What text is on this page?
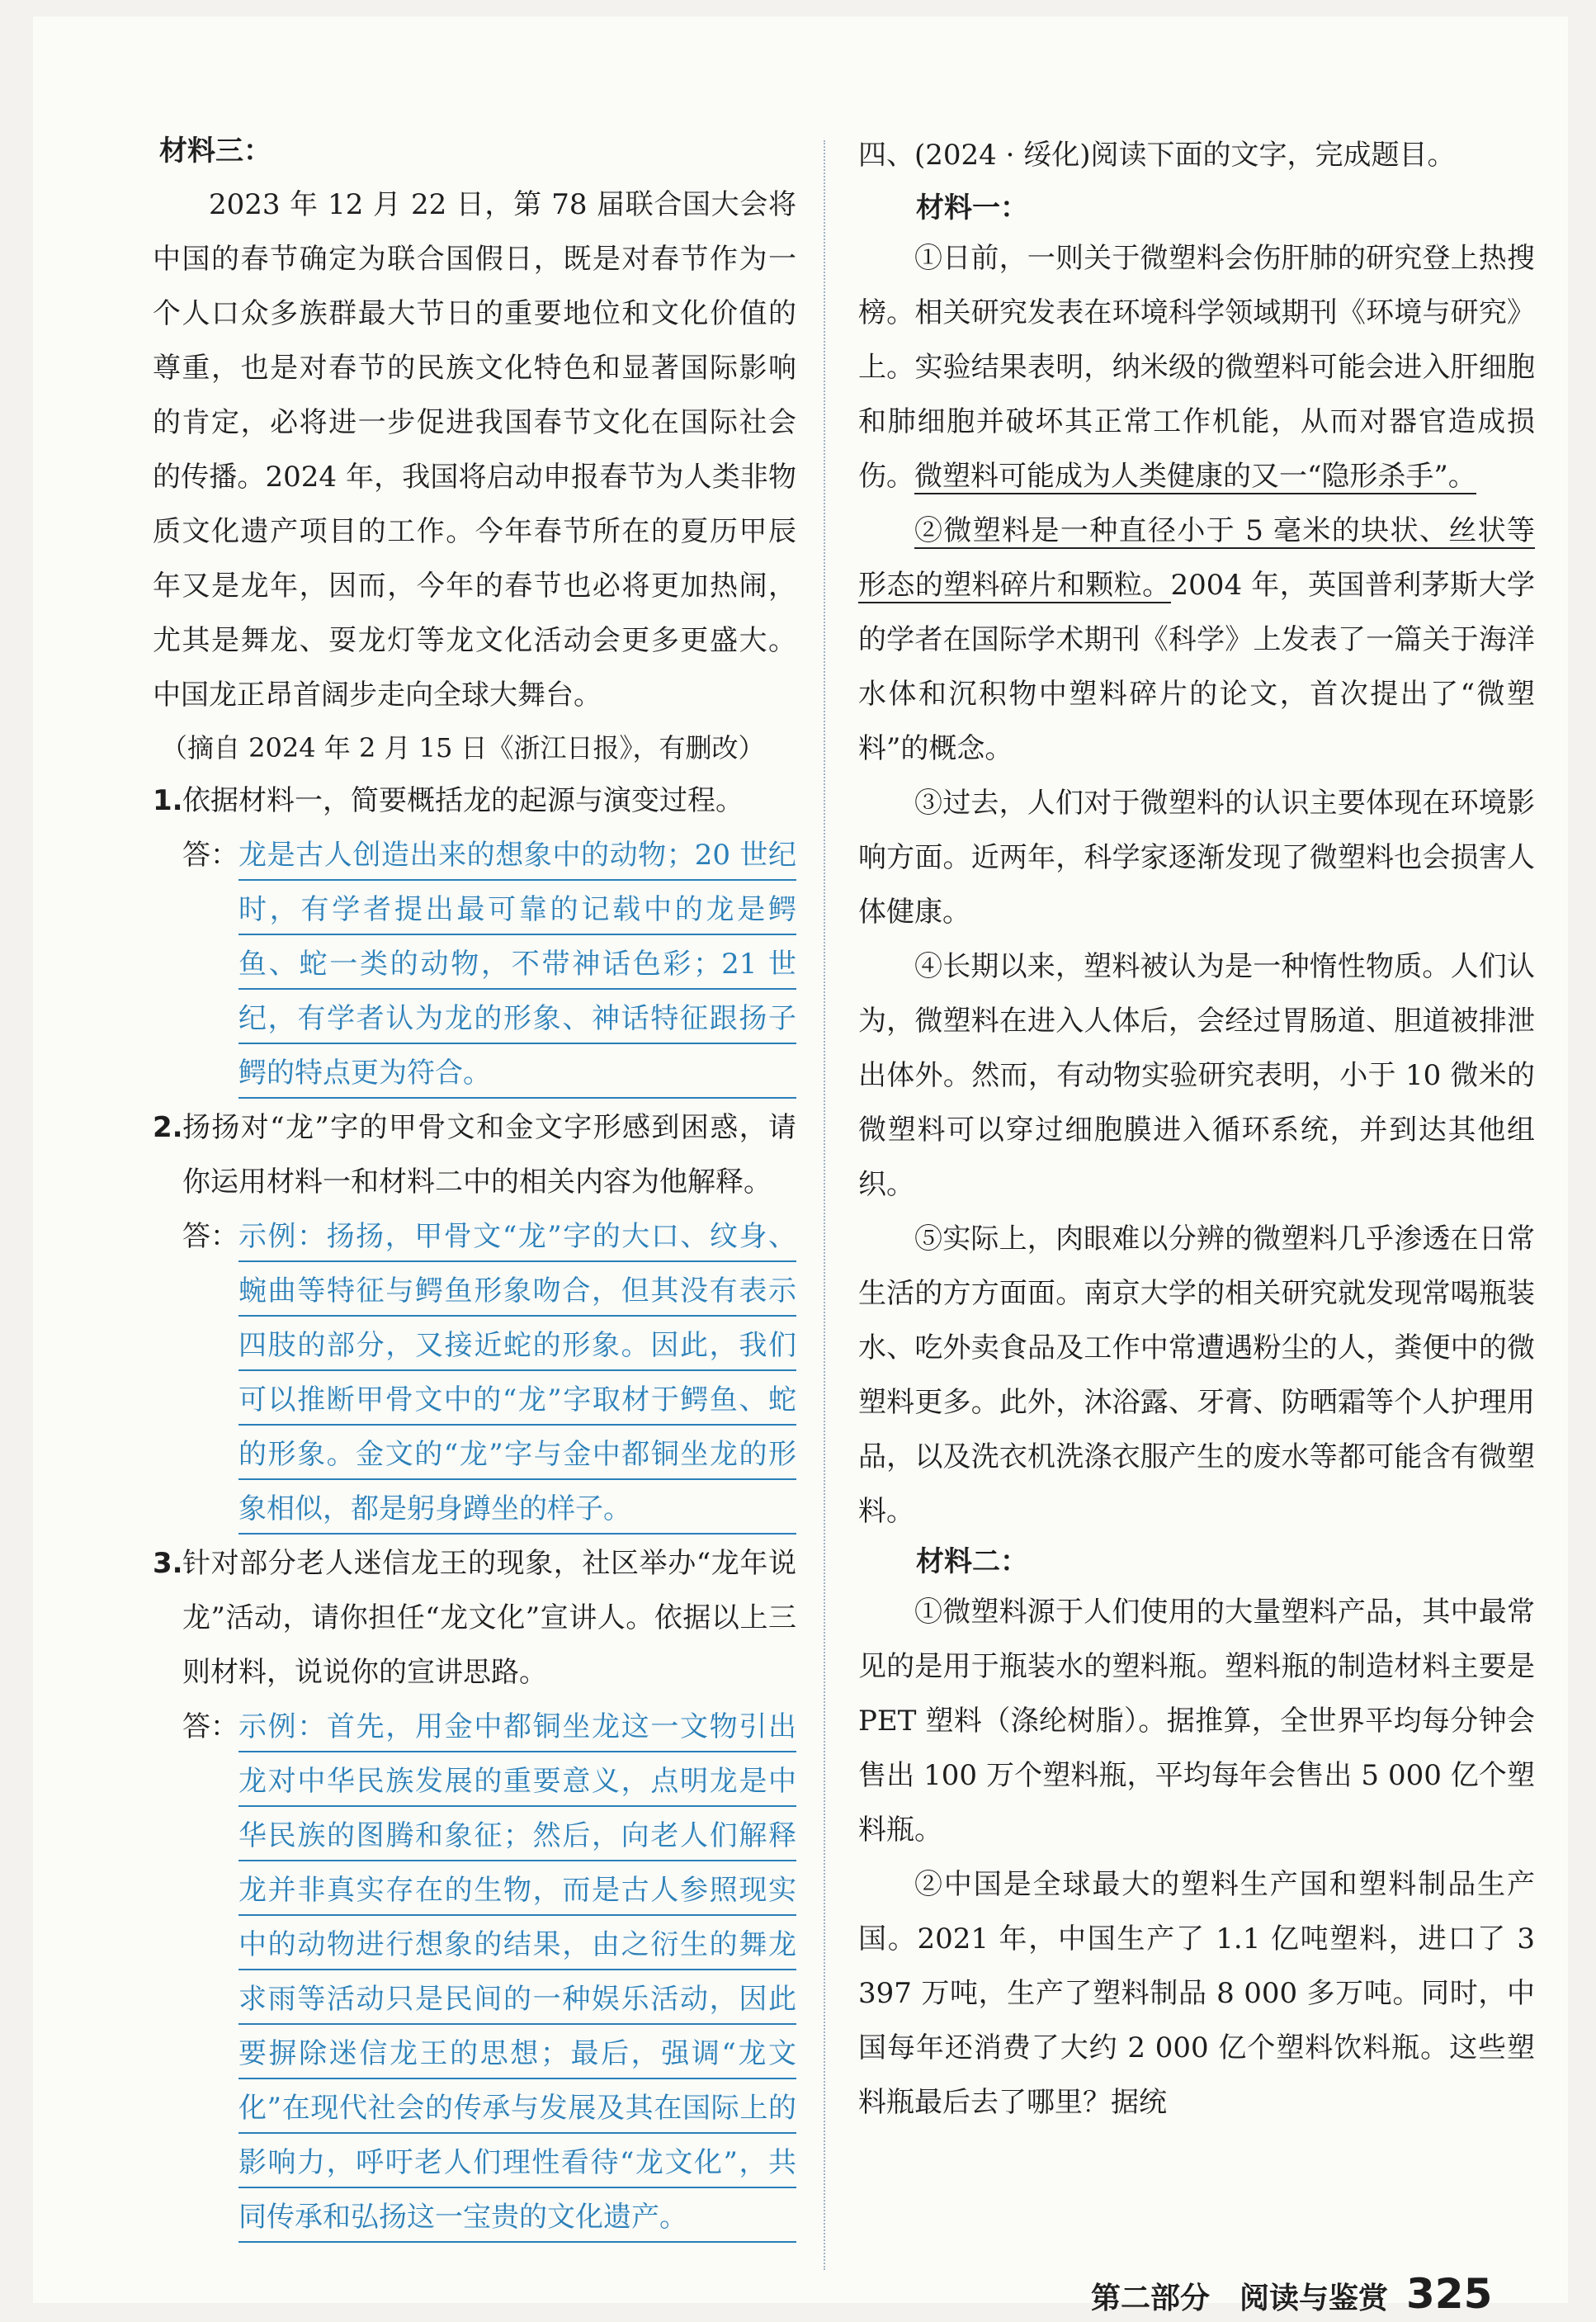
材料三：

2023 年 12 月 22 日，第 78 届联合国大会将中国的春节确定为联合国假日，既是对春节作为一个人口众多族群最大节日的重要地位和文化价值的尊重，也是对春节的民族文化特色和显著国际影响的肯定，必将进一步促进我国春节文化在国际社会的传播。2024 年，我国将启动申报春节为人类非物质文化遗产项目的工作。今年春节所在的夏历甲辰年又是龙年，因而，今年的春节也必将更加热闹，尤其是舞龙、耍龙灯等龙文化活动会更多更盛大。中国龙正昂首阔步走向全球大舞台。

（摘自 2024 年 2 月 15 日《浙江日报》，有删改）

1. 依据材料一，简要概括龙的起源与演变过程。

答： 龙是古人创造出来的想象中的动物；20 世纪时，有学者提出最可靠的记载中的龙是鳄鱼、蛇一类的动物，不带神话色彩；21 世纪，有学者认为龙的形象、神话特征跟扬子鳄的特点更为符合。

2. 扬扬对“龙”字的甲骨文和金文字形感到困惑，请你运用材料一和材料二中的相关内容为他解释。

答： 示例：扬扬，甲骨文“龙”字的大口、纹身、蜿曲等特征与鳄鱼形象吻合，但其没有表示四肢的部分，又接近蛇的形象。因此，我们可以推断甲骨文中的“龙”字取材于鳄鱼、蛇的形象。金文的“龙”字与金中都铜坐龙的形象相似，都是躬身蹲坐的样子。

3. 针对部分老人迷信龙王的现象，社区举办“龙年说龙”活动，请你担任“龙文化”宣讲人。依据以上三则材料，说说你的宣讲思路。

答： 示例：首先，用金中都铜坐龙这一文物引出龙对中华民族发展的重要意义，点明龙是中华民族的图腾和象征；然后，向老人们解释龙并非真实存在的生物，而是古人参照现实中的动物进行想象的结果，由之衍生的舞龙求雨等活动只是民间的一种娱乐活动，因此要摒除迷信龙王的思想；最后，强调“龙文化”在现代社会的传承与发展及其在国际上的影响力，呼吁老人们理性看待“龙文化”，共同传承和弘扬这一宝贵的文化遗产。

四、(2024 · 绥化)阅读下面的文字，完成题目。

材料一：

①日前，一则关于微塑料会伤肝肺的研究登上热搜榜。相关研究发表在环境科学领域期刊《环境与研究》上。实验结果表明，纳米级的微塑料可能会进入肝细胞和肺细胞并破坏其正常工作机能，从而对器官造成损伤。微塑料可能成为人类健康的又一“隐形杀手”。

②微塑料是一种直径小于 5 毫米的块状、丝状等形态的塑料碎片和颗粒。2004 年，英国普利茅斯大学的学者在国际学术期刊《科学》上发表了一篇关于海洋水体和沉积物中塑料碎片的论文，首次提出了“微塑料”的概念。

③过去，人们对于微塑料的认识主要体现在环境影响方面。近两年，科学家逐渐发现了微塑料也会损害人体健康。

④长期以来，塑料被认为是一种惰性物质。人们认为，微塑料在进入人体后，会经过胃肠道、胆道被排泄出体外。然而，有动物实验研究表明，小于 10 微米的微塑料可以穿过细胞膜进入循环系统，并到达其他组织。

⑤实际上，肉眼难以分辨的微塑料几乎渗透在日常生活的方方面面。南京大学的相关研究就发现常喝瓶装水、吃外卖食品及工作中常遭遇粉尘的人，粪便中的微塑料更多。此外，沐浴露、牙膏、防晒霜等个人护理用品，以及洗衣机洗涤衣服产生的废水等都可能含有微塑料。

材料二：

①微塑料源于人们使用的大量塑料产品，其中最常见的是用于瓶装水的塑料瓶。塑料瓶的制造材料主要是 PET 塑料（涤纶树脂）。据推算，全世界平均每分钟会售出 100 万个塑料瓶，平均每年会售出 5 000 亿个塑料瓶。

②中国是全球最大的塑料生产国和塑料制品生产国。2021 年，中国生产了 1.1 亿吨塑料，进口了 3 397 万吨，生产了塑料制品 8 000 多万吨。同时，中国每年还消费了大约 2 000 亿个塑料饮料瓶。这些塑料瓶最后去了哪里？据统

第二部分　阅读与鉴赏 325
